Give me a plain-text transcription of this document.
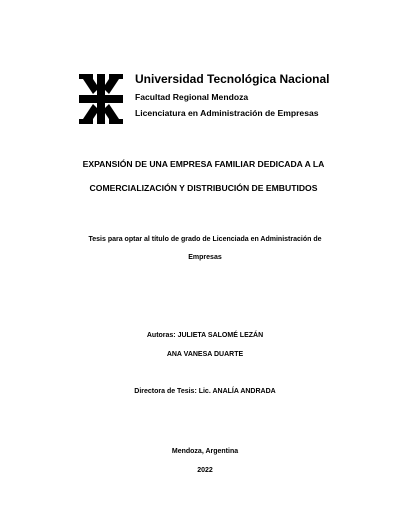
Universidad Tecnológica Nacional
Facultad Regional Mendoza
Licenciatura en Administración de Empresas
EXPANSIÓN DE UNA EMPRESA FAMILIAR DEDICADA A LA
COMERCIALIZACIÓN Y DISTRIBUCIÓN DE EMBUTIDOS
Tesis para optar al título de grado de Licenciada en Administración de
Empresas
Autoras: JULIETA SALOMÉ LEZÁN
ANA VANESA DUARTE
Directora de Tesis: Lic. ANALÍA ANDRADA
Mendoza, Argentina
2022
